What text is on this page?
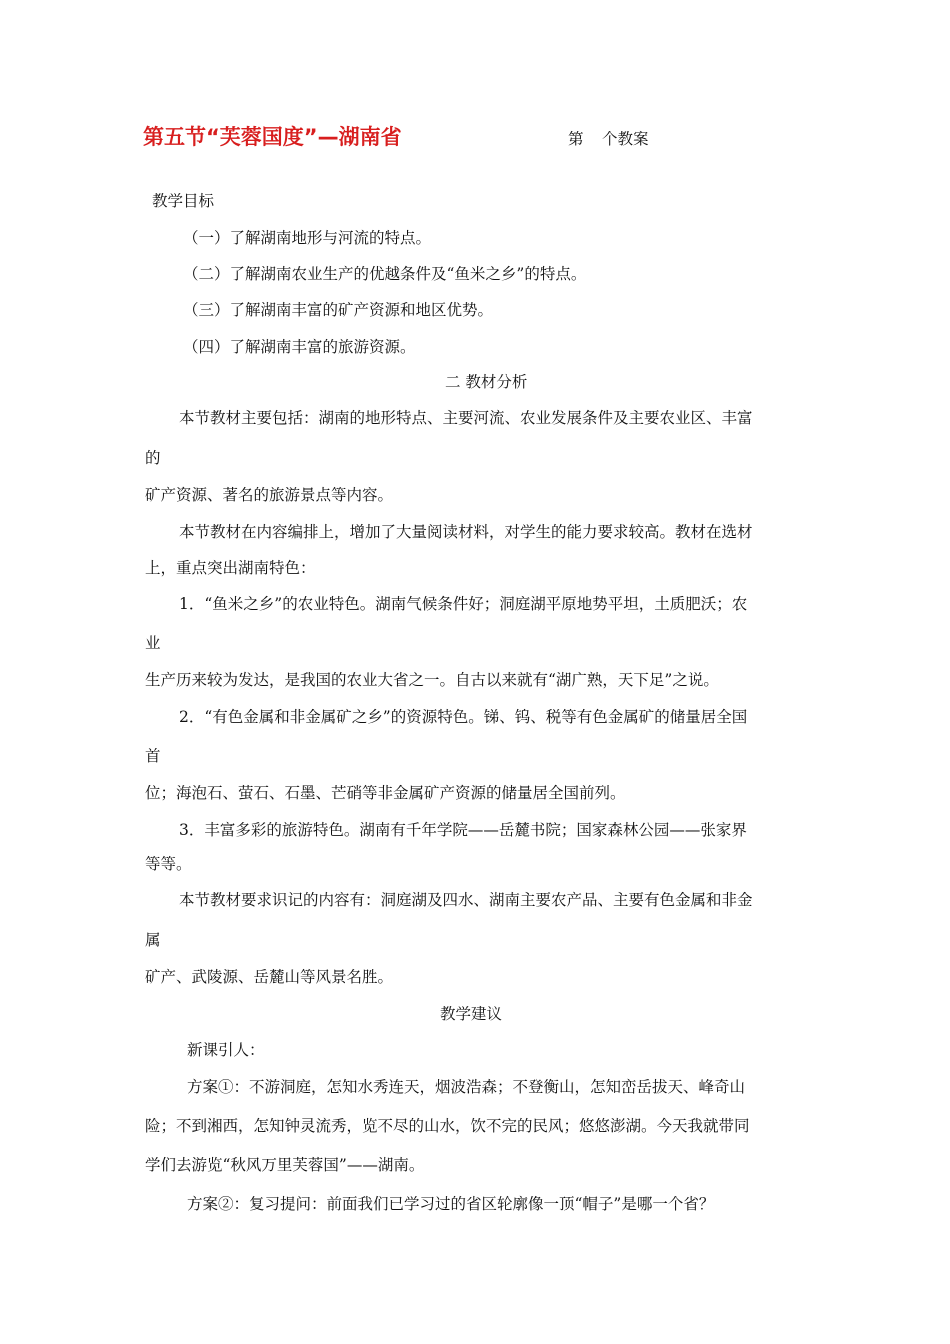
第五节“芙蓉国度”—湖南省	第 个教案
教学目标
（一）了解湖南地形与河流的特点。
（二）了解湖南农业生产的优越条件及“鱼米之乡”的特点。
（三）了解湖南丰富的矿产资源和地区优势。
（四）了解湖南丰富的旅游资源。
二 教材分析
本节教材主要包括：湖南的地形特点、主要河流、农业发展条件及主要农业区、丰富
的
矿产资源、著名的旅游景点等内容。
本节教材在内容编排上，增加了大量阅读材料，对学生的能力要求较高。教材在选材
上，重点突出湖南特色：
1．“鱼米之乡”的农业特色。湖南气候条件好；洞庭湖平原地势平坦，土质肥沃；农
业
生产历来较为发达，是我国的农业大省之一。自古以来就有“湖广熟，天下足”之说。
2．“有色金属和非金属矿之乡”的资源特色。锑、钨、税等有色金属矿的储量居全国
首
位；海泡石、萤石、石墨、芒硝等非金属矿产资源的储量居全国前列。
3．丰富多彩的旅游特色。湖南有千年学院——岳麓书院；国家森林公园——张家界
等等。
本节教材要求识记的内容有：洞庭湖及四水、湖南主要农产品、主要有色金属和非金
属
矿产、武陵源、岳麓山等风景名胜。
教学建议
新课引人：
方案①：不游洞庭，怎知水秀连天，烟波浩森；不登衡山，怎知峦岳拔天、峰奇山
险；不到湘西，怎知钟灵流秀，览不尽的山水，饮不完的民风；悠悠澎湖。今天我就带同
学们去游览“秋风万里芙蓉国”——湖南。
方案②：复习提问：前面我们已学习过的省区轮廓像一顶“帽子”是哪一个省？
